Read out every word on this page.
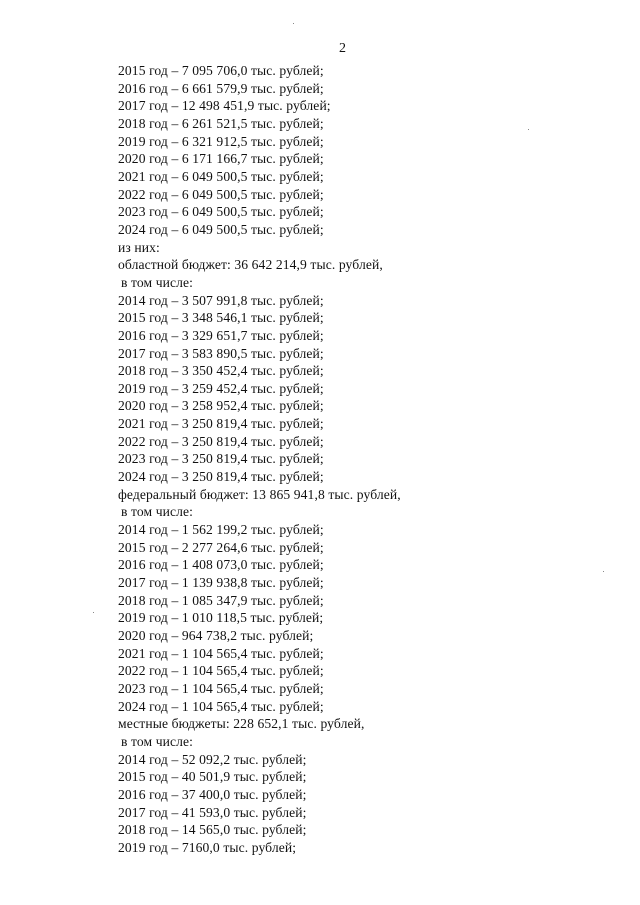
2
2015 год – 7 095 706,0 тыс. рублей;
2016 год – 6 661 579,9 тыс. рублей;
2017 год – 12 498 451,9 тыс. рублей;
2018 год – 6 261 521,5 тыс. рублей;
2019 год – 6 321 912,5 тыс. рублей;
2020 год – 6 171 166,7 тыс. рублей;
2021 год – 6 049 500,5 тыс. рублей;
2022 год – 6 049 500,5 тыс. рублей;
2023 год – 6 049 500,5 тыс. рублей;
2024 год – 6 049 500,5 тыс. рублей;
из них:
областной бюджет: 36 642 214,9 тыс. рублей,
в том числе:
2014 год – 3 507 991,8 тыс. рублей;
2015 год – 3 348 546,1 тыс. рублей;
2016 год – 3 329 651,7 тыс. рублей;
2017 год – 3 583 890,5 тыс. рублей;
2018 год – 3 350 452,4 тыс. рублей;
2019 год – 3 259 452,4 тыс. рублей;
2020 год – 3 258 952,4 тыс. рублей;
2021 год – 3 250 819,4 тыс. рублей;
2022 год – 3 250 819,4 тыс. рублей;
2023 год – 3 250 819,4 тыс. рублей;
2024 год – 3 250 819,4 тыс. рублей;
федеральный бюджет: 13 865 941,8 тыс. рублей,
в том числе:
2014 год – 1 562 199,2 тыс. рублей;
2015 год – 2 277 264,6 тыс. рублей;
2016 год – 1 408 073,0 тыс. рублей;
2017 год – 1 139 938,8 тыс. рублей;
2018 год – 1 085 347,9 тыс. рублей;
2019 год – 1 010 118,5 тыс. рублей;
2020 год – 964 738,2 тыс. рублей;
2021 год – 1 104 565,4 тыс. рублей;
2022 год – 1 104 565,4 тыс. рублей;
2023 год – 1 104 565,4 тыс. рублей;
2024 год – 1 104 565,4 тыс. рублей;
местные бюджеты: 228 652,1 тыс. рублей,
в том числе:
2014 год – 52 092,2 тыс. рублей;
2015 год – 40 501,9 тыс. рублей;
2016 год – 37 400,0 тыс. рублей;
2017 год – 41 593,0 тыс. рублей;
2018 год – 14 565,0 тыс. рублей;
2019 год – 7160,0 тыс. рублей;
